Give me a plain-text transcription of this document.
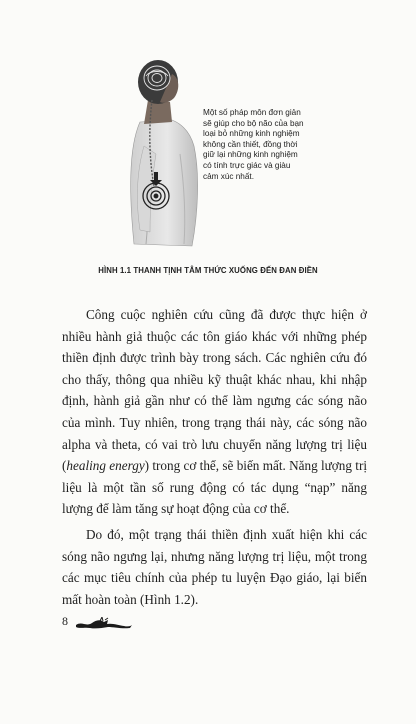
Một số pháp môn đơn giản sẽ giúp cho bộ não của bạn loại bỏ những kinh nghiệm không cần thiết, đồng thời giữ lại những kinh nghiệm có tính trực giác và giàu cảm xúc nhất.
HÌNH 1.1 THANH TỊNH TÂM THỨC XUỐNG ĐẾN ĐAN ĐIỀN

Công cuộc nghiên cứu cũng đã được thực hiện ở nhiều hành giả thuộc các tôn giáo khác với những phép thiền định được trình bày trong sách. Các nghiên cứu đó cho thấy, thông qua nhiều kỹ thuật khác nhau, khi nhập định, hành giả gần như có thể làm ngưng các sóng não của mình. Tuy nhiên, trong trạng thái này, các sóng não alpha và theta, có vai trò lưu chuyển năng lượng trị liệu (healing energy) trong cơ thể, sẽ biến mất. Năng lượng trị liệu là một tần số rung động có tác dụng “nạp” năng lượng để làm tăng sự hoạt động của cơ thể.

Do đó, một trạng thái thiền định xuất hiện khi các sóng não ngưng lại, nhưng năng lượng trị liệu, một trong các mục tiêu chính của phép tu luyện Đạo giáo, lại biến mất hoàn toàn (Hình 1.2).

8
